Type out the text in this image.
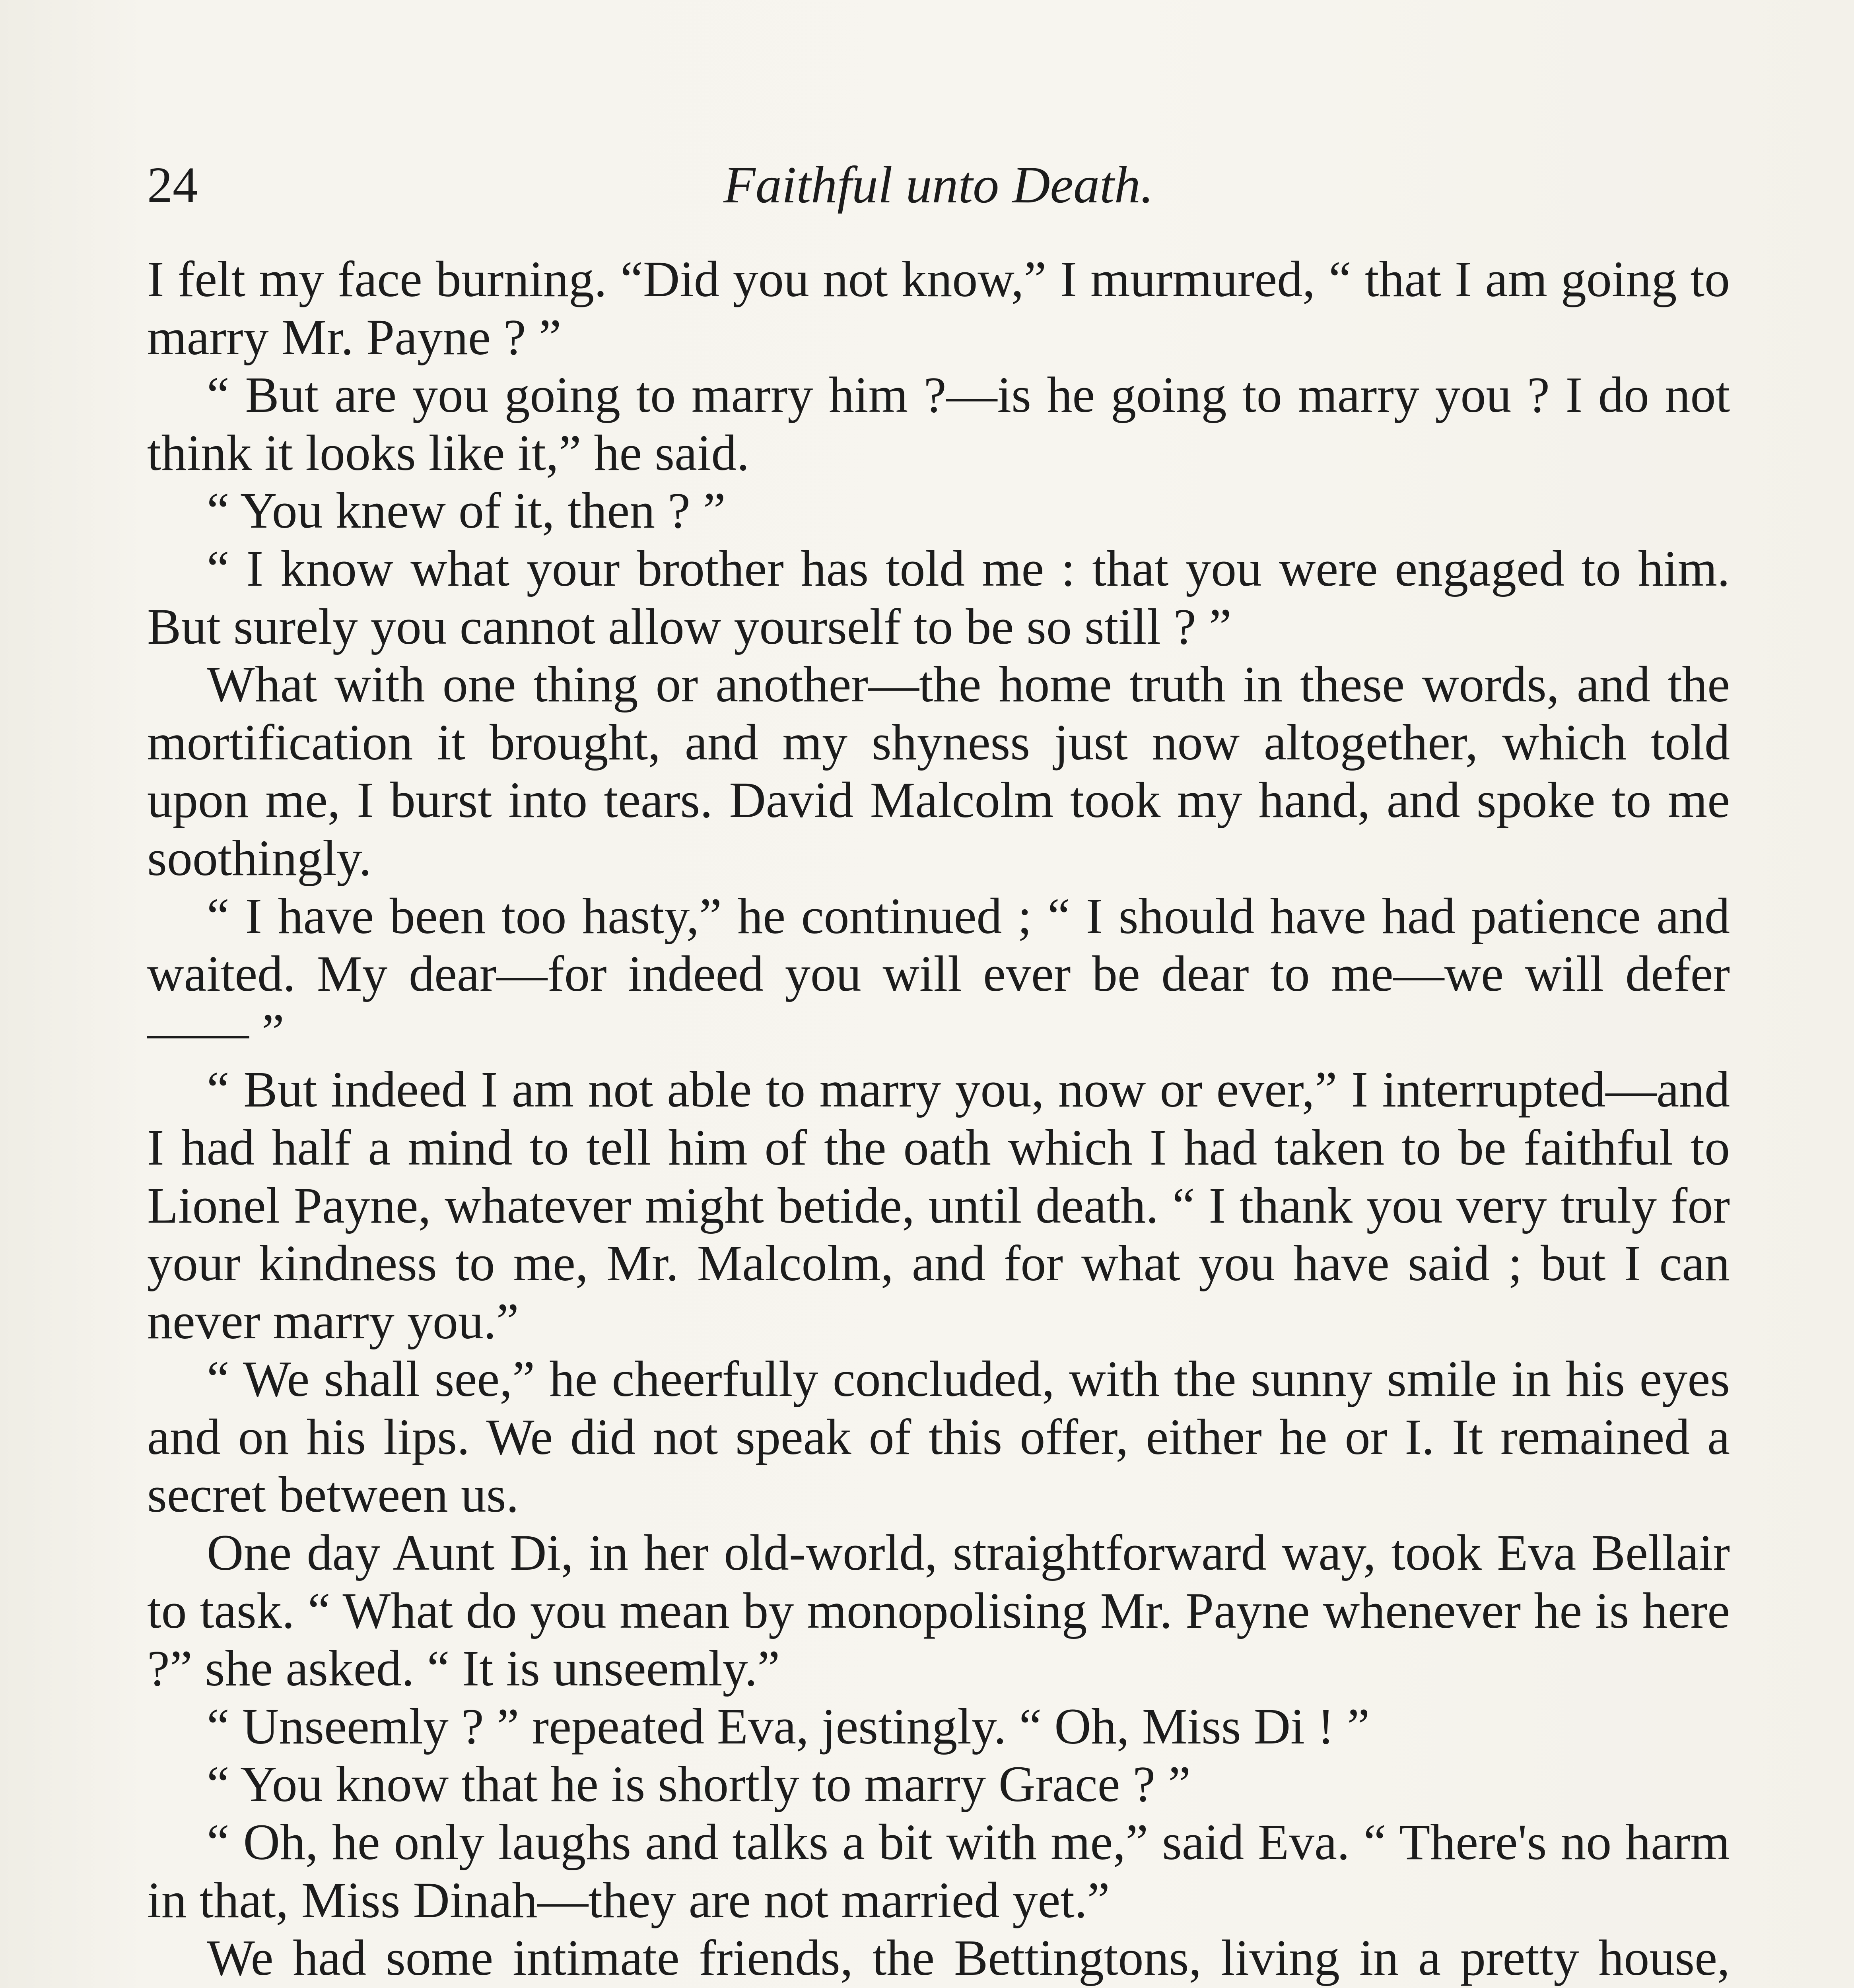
24	Faithful unto Death.

I felt my face burning. “Did you not know,” I murmured, “ that I am going to marry Mr. Payne ? ”

“ But are you going to marry him ?—is he going to marry you ? I do not think it looks like it,” he said.

“ You knew of it, then ? ”

“ I know what your brother has told me : that you were engaged to him. But surely you cannot allow yourself to be so still ? ”

What with one thing or another—the home truth in these words, and the mortification it brought, and my shyness just now altogether, which told upon me, I burst into tears. David Malcolm took my hand, and spoke to me soothingly.

“ I have been too hasty,” he continued ; “ I should have had patience and waited. My dear—for indeed you will ever be dear to me—we will defer —— ”

“ But indeed I am not able to marry you, now or ever,” I interrupted—and I had half a mind to tell him of the oath which I had taken to be faithful to Lionel Payne, whatever might betide, until death. “ I thank you very truly for your kindness to me, Mr. Malcolm, and for what you have said ; but I can never marry you.”

“ We shall see,” he cheerfully concluded, with the sunny smile in his eyes and on his lips. We did not speak of this offer, either he or I. It remained a secret between us.

One day Aunt Di, in her old-world, straightforward way, took Eva Bellair to task. “ What do you mean by monopolising Mr. Payne whenever he is here ?” she asked. “ It is unseemly.”

“ Unseemly ? ” repeated Eva, jestingly. “ Oh, Miss Di ! ”

“ You know that he is shortly to marry Grace ? ”

“ Oh, he only laughs and talks a bit with me,” said Eva. “ There's no harm in that, Miss Dinah—they are not married yet.”

We had some intimate friends, the Bettingtons, living in a pretty house,
